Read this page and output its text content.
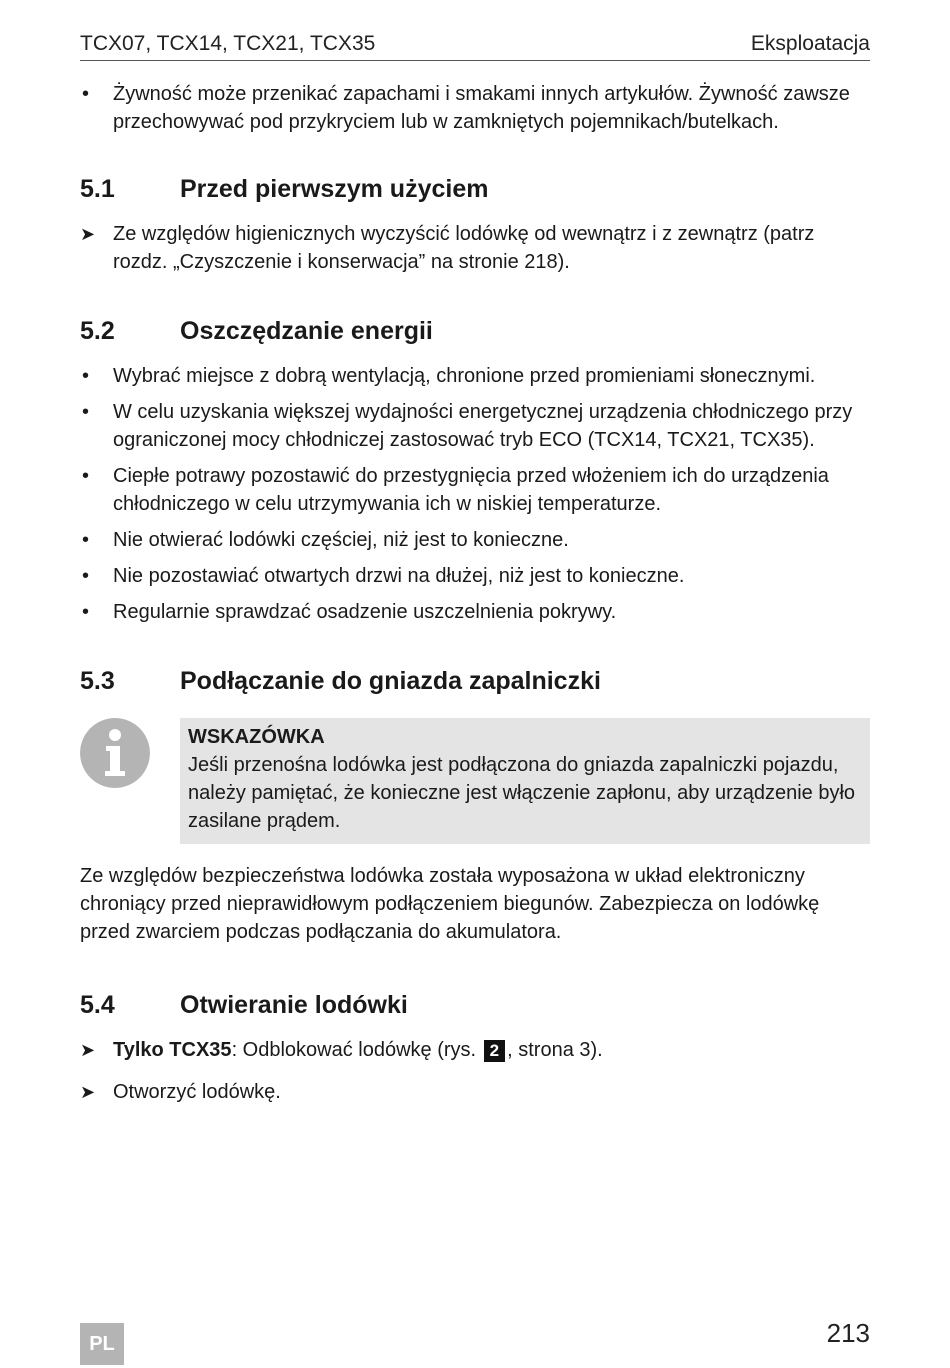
TCX07, TCX14, TCX21, TCX35	Eksploatacja
• Żywność może przenikać zapachami i smakami innych artykułów. Żywność zawsze przechowywać pod przykryciem lub w zamkniętych pojemnikach/butelkach.
5.1	Przed pierwszym użyciem
➤ Ze względów higienicznych wyczyścić lodówkę od wewnątrz i z zewnątrz (patrz rozdz. „Czyszczenie i konserwacja” na stronie 218).
5.2	Oszczędzanie energii
• Wybrać miejsce z dobrą wentylacją, chronione przed promieniami słonecznymi.
• W celu uzyskania większej wydajności energetycznej urządzenia chłodniczego przy ograniczonej mocy chłodniczej zastosować tryb ECO (TCX14, TCX21, TCX35).
• Ciepłe potrawy pozostawić do przestygnięcia przed włożeniem ich do urządzenia chłodniczego w celu utrzymywania ich w niskiej temperaturze.
• Nie otwierać lodówki częściej, niż jest to konieczne.
• Nie pozostawiać otwartych drzwi na dłużej, niż jest to konieczne.
• Regularnie sprawdzać osadzenie uszczelnienia pokrywy.
5.3	Podłączanie do gniazda zapalniczki
WSKAZÓWKA
Jeśli przenośna lodówka jest podłączona do gniazda zapalniczki pojazdu, należy pamiętać, że konieczne jest włączenie zapłonu, aby urządzenie było zasilane prądem.

Ze względów bezpieczeństwa lodówka została wyposażona w układ elektroniczny chroniący przed nieprawidłowym podłączeniem biegunów. Zabezpiecza on lodówkę przed zwarciem podczas podłączania do akumulatora.

5.4	Otwieranie lodówki
➤ Tylko TCX35: Odblokować lodówkę (rys. 2 , strona 3).
➤ Otworzyć lodówkę.
PL	213
